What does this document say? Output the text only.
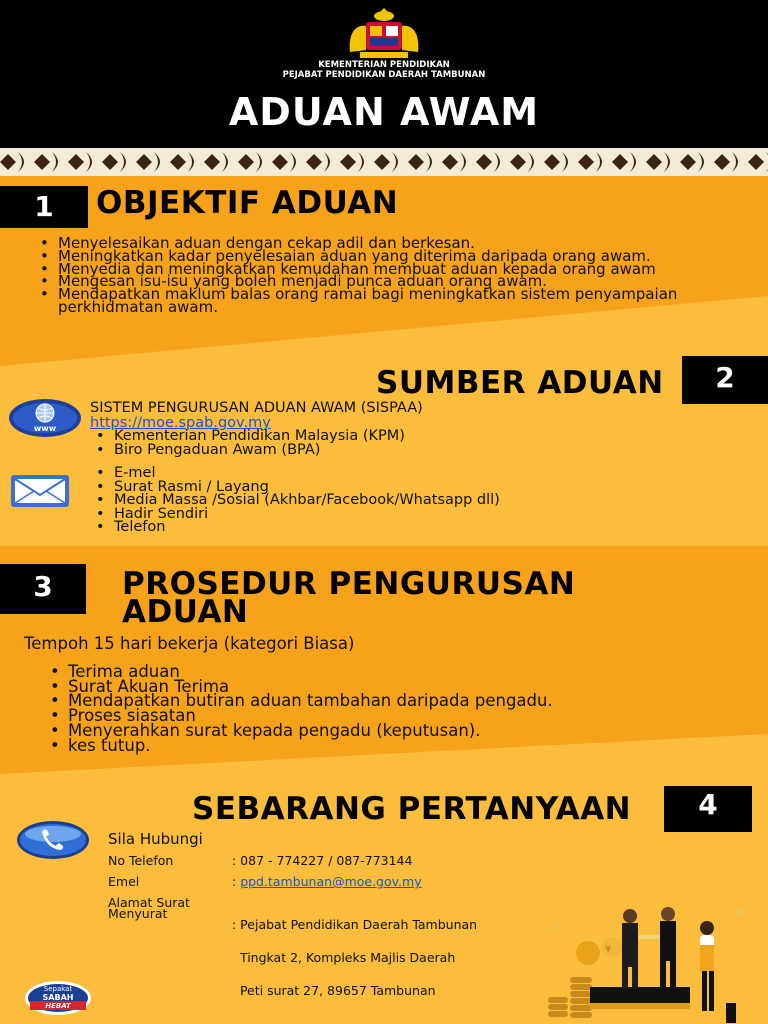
KEMENTERIAN PENDIDIKAN
PEJABAT PENDIDIKAN DAERAH TAMBUNAN
ADUAN AWAM
1	OBJEKTIF ADUAN
• Menyelesaikan aduan dengan cekap adil dan berkesan.
• Meningkatkan kadar penyelesaian aduan yang diterima daripada orang awam.
• Menyedia dan meningkatkan kemudahan membuat aduan kepada orang awam
• Mengesan isu-isu yang boleh menjadi punca aduan orang awam.
• Mendapatkan maklum balas orang ramai bagi meningkatkan sistem penyampaian perkhidmatan awam.
SUMBER ADUAN	2
www
SISTEM PENGURUSAN ADUAN AWAM (SISPAA)
https://moe.spab.gov.my
• Kementerian Pendidikan Malaysia (KPM)
• Biro Pengaduan Awam (BPA)
• E-mel
• Surat Rasmi / Layang
• Media Massa /Sosial (Akhbar/Facebook/Whatsapp dll)
• Hadir Sendiri
• Telefon
3	PROSEDUR PENGURUSAN
ADUAN
Tempoh 15 hari bekerja (kategori Biasa)
• Terima aduan
• Surat Akuan Terima
• Mendapatkan butiran aduan tambahan daripada pengadu.
• Proses siasatan
• Menyerahkan surat kepada pengadu (keputusan).
• kes tutup.
SEBARANG PERTANYAAN	4
Sila Hubungi
No Telefon	: 087 - 774227 / 087-773144
Emel	: ppd.tambunan@moe.gov.my
Alamat Surat
Menyurat

: Pejabat Pendidikan Daerah Tambunan

Tingkat 2, Kompleks Majlis Daerah

Peti surat 27, 89657 Tambunan

Sepakat
SABAH
HEBAT
¥
